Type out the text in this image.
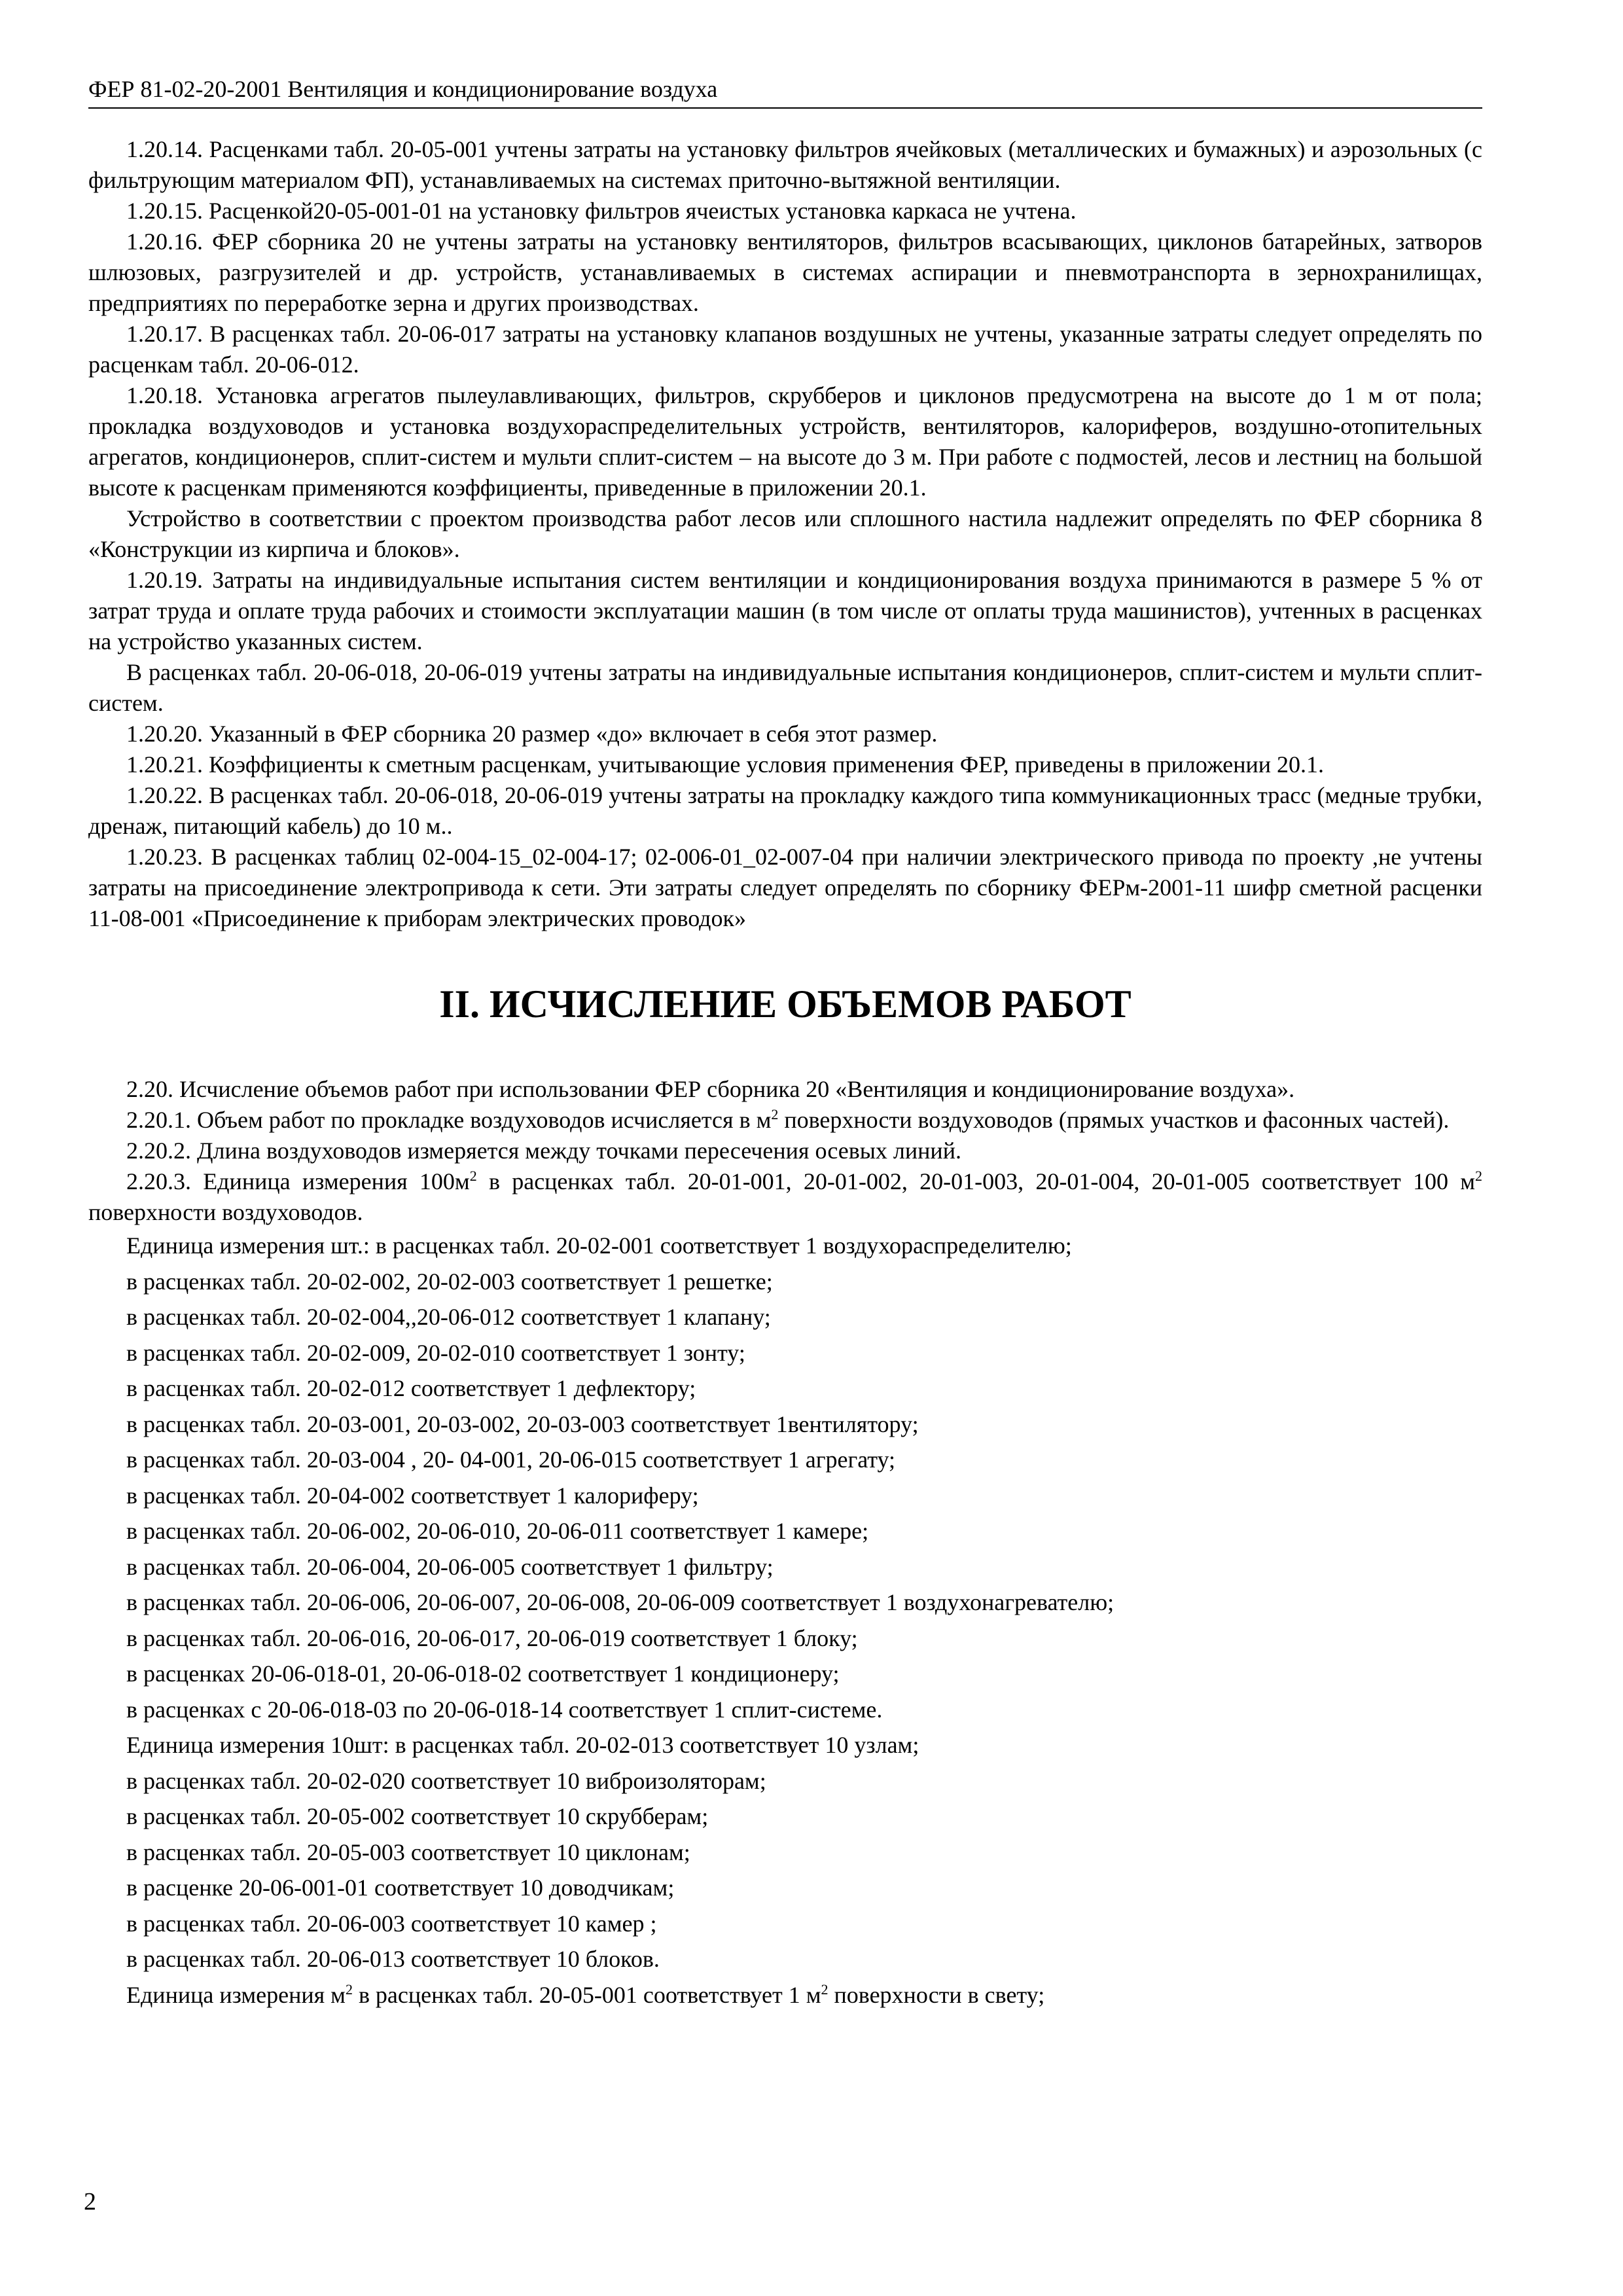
ФЕР 81-02-20-2001 Вентиляция и кондиционирование воздуха

1.20.14. Расценками табл. 20-05-001 учтены затраты на установку фильтров ячейковых (металлических и бумажных) и аэрозольных (с фильтрующим материалом ФП), устанавливаемых на системах приточно-вытяжной вентиляции.

1.20.15. Расценкой20-05-001-01 на установку фильтров ячеистых установка каркаса не учтена.

1.20.16. ФЕР сборника 20 не учтены затраты на установку вентиляторов, фильтров всасывающих, циклонов батарейных, затворов шлюзовых, разгрузителей и др. устройств, устанавливаемых в системах аспирации и пневмотранспорта в зернохранилищах, предприятиях по переработке зерна и других производствах.

1.20.17. В расценках табл. 20-06-017 затраты на установку клапанов воздушных не учтены, указанные затраты следует определять по расценкам табл. 20-06-012.

1.20.18. Установка агрегатов пылеулавливающих, фильтров, скрубберов и циклонов предусмотрена на высоте до 1 м от пола; прокладка воздуховодов и установка воздухораспределительных устройств, вентиляторов, калориферов, воздушно-отопительных агрегатов, кондиционеров, сплит-систем и мульти сплит-систем – на высоте до 3 м. При работе с подмостей, лесов и лестниц на большой высоте к расценкам применяются коэффициенты, приведенные в приложении 20.1.

Устройство в соответствии с проектом производства работ лесов или сплошного настила надлежит определять по ФЕР сборника 8 «Конструкции из кирпича и блоков».

1.20.19. Затраты на индивидуальные испытания систем вентиляции и кондиционирования воздуха принимаются в размере 5 % от затрат труда и оплате труда рабочих и стоимости эксплуатации машин (в том числе от оплаты труда машинистов), учтенных в расценках на устройство указанных систем.

В расценках табл. 20-06-018, 20-06-019 учтены затраты на индивидуальные испытания кондиционеров, сплит-систем и мульти сплит-систем.

1.20.20. Указанный в ФЕР сборника 20 размер «до» включает в себя этот размер.

1.20.21. Коэффициенты к сметным расценкам, учитывающие условия применения ФЕР, приведены в приложении 20.1.

1.20.22. В расценках табл. 20-06-018, 20-06-019 учтены затраты на прокладку каждого типа коммуникационных трасс (медные трубки, дренаж, питающий кабель) до 10 м..

1.20.23. В расценках таблиц 02-004-15_02-004-17; 02-006-01_02-007-04 при наличии электрического привода по проекту ,не учтены затраты на присоединение электропривода к сети. Эти затраты следует определять по сборнику ФЕРм-2001-11 шифр сметной расценки 11-08-001 «Присоединение к приборам электрических проводок»

II. ИСЧИСЛЕНИЕ ОБЪЕМОВ РАБОТ

2.20. Исчисление объемов работ при использовании ФЕР сборника 20 «Вентиляция и кондиционирование воздуха».

2.20.1. Объем работ по прокладке воздуховодов исчисляется в $м^2$ поверхности воздуховодов (прямых участков и фасонных частей).

2.20.2. Длина воздуховодов измеряется между точками пересечения осевых линий.

2.20.3. Единица измерения $100м^2$ в расценках табл. 20-01-001, 20-01-002, 20-01-003, 20-01-004, 20-01-005 соответствует 100 $м^2$ поверхности воздуховодов.

Единица измерения шт.: в расценках табл. 20-02-001 соответствует 1 воздухораспределителю;

в расценках табл. 20-02-002, 20-02-003 соответствует 1 решетке;

в расценках табл. 20-02-004,,20-06-012 соответствует 1 клапану;

в расценках табл. 20-02-009, 20-02-010 соответствует 1 зонту;

в расценках табл. 20-02-012 соответствует 1 дефлектору;

в расценках табл. 20-03-001, 20-03-002, 20-03-003 соответствует 1вентилятору;

в расценках табл. 20-03-004 , 20- 04-001, 20-06-015 соответствует 1 агрегату;

в расценках табл. 20-04-002 соответствует 1 калориферу;

в расценках табл. 20-06-002, 20-06-010, 20-06-011 соответствует 1 камере;

в расценках табл. 20-06-004, 20-06-005 соответствует 1 фильтру;

в расценках табл. 20-06-006, 20-06-007, 20-06-008, 20-06-009 соответствует 1 воздухонагревателю;

в расценках табл. 20-06-016, 20-06-017, 20-06-019 соответствует 1 блоку;

в расценках 20-06-018-01, 20-06-018-02 соответствует 1 кондиционеру;

в расценках с 20-06-018-03 по 20-06-018-14 соответствует 1 сплит-системе.

Единица измерения 10шт: в расценках табл. 20-02-013 соответствует 10 узлам;

в расценках табл. 20-02-020 соответствует 10 виброизоляторам;

в расценках табл. 20-05-002 соответствует 10 скрубберам;

в расценках табл. 20-05-003 соответствует 10 циклонам;

в расценке 20-06-001-01 соответствует 10 доводчикам;

в расценках табл. 20-06-003 соответствует 10 камер ;

в расценках табл. 20-06-013 соответствует 10 блоков.

Единица измерения $м^2$ в расценках табл. 20-05-001 соответствует 1 $м^2$ поверхности в свету;

2
